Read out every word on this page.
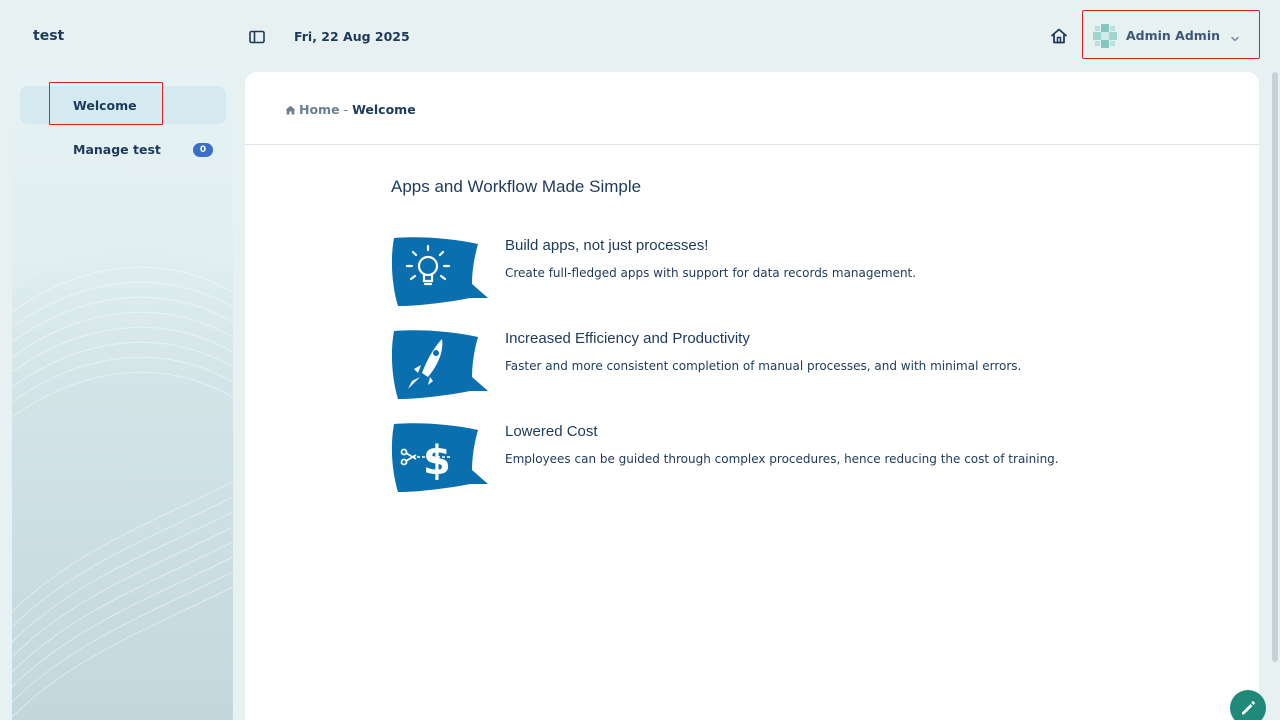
test	Fri, 22 Aug 2025	Admin Admin
Welcome
Manage test	0
Home - Welcome
Apps and Workflow Made Simple
Build apps, not just processes!
Create full-fledged apps with support for data records management.
Increased Efficiency and Productivity
Faster and more consistent completion of manual processes, and with minimal errors.
$
Lowered Cost
Employees can be guided through complex procedures, hence reducing the cost of training.
